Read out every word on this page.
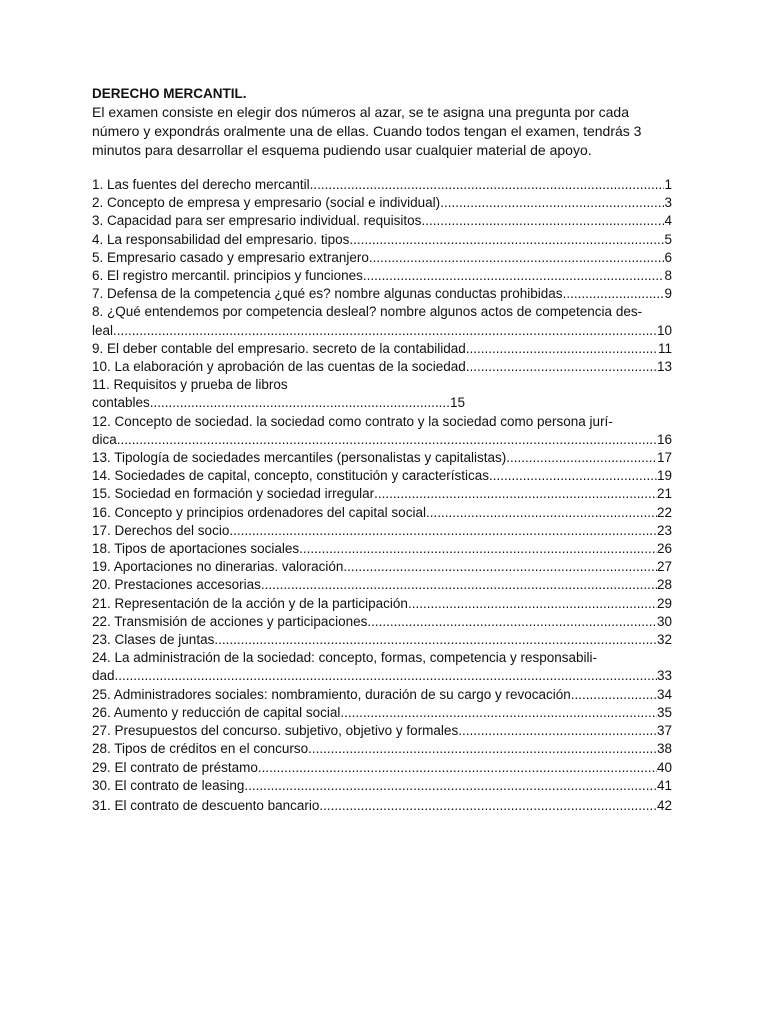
DERECHO MERCANTIL.

El examen consiste en elegir dos números al azar, se te asigna una pregunta por cada número y expondrás oralmente una de ellas. Cuando todos tengan el examen, tendrás 3 minutos para desarrollar el esquema pudiendo usar cualquier material de apoyo.

1. Las fuentes del derecho mercantil .....	1
2. Concepto de empresa y empresario (social e individual) .....	3
3. Capacidad para ser empresario individual. requisitos .....	4
4. La responsabilidad del empresario. tipos .....	5
5. Empresario casado y empresario extranjero .....	6
6. El registro mercantil. principios y funciones .....	8
7. Defensa de la competencia ¿qué es? nombre algunas conductas prohibidas .....	9
8. ¿Qué entendemos por competencia desleal? nombre algunos actos de competencia des-
leal .....	10
9. El deber contable del empresario. secreto de la contabilidad .....	11
10. La elaboración y aprobación de las cuentas de la sociedad .....	13
11. Requisitos y prueba de libros
contables .....	15
12. Concepto de sociedad. la sociedad como contrato y la sociedad como persona jurí-
dica .....	16
13. Tipología de sociedades mercantiles (personalistas y capitalistas) .....	17
14. Sociedades de capital, concepto, constitución y características .....	19
15. Sociedad en formación y sociedad irregular .....	21
16. Concepto y principios ordenadores del capital social .....	22
17. Derechos del socio .....	23
18. Tipos de aportaciones sociales .....	26
19. Aportaciones no dinerarias. valoración .....	27
20. Prestaciones accesorias .....	28
21. Representación de la acción y de la participación .....	29
22. Transmisión de acciones y participaciones .....	30
23. Clases de juntas .....	32
24. La administración de la sociedad: concepto, formas, competencia y responsabili-
dad .....	33
25. Administradores sociales: nombramiento, duración de su cargo y revocación .....	34
26. Aumento y reducción de capital social .....	35
27. Presupuestos del concurso. subjetivo, objetivo y formales .....	37
28. Tipos de créditos en el concurso .....	38
29. El contrato de préstamo .....	40
30. El contrato de leasing .....	41
31. El contrato de descuento bancario .....	42
